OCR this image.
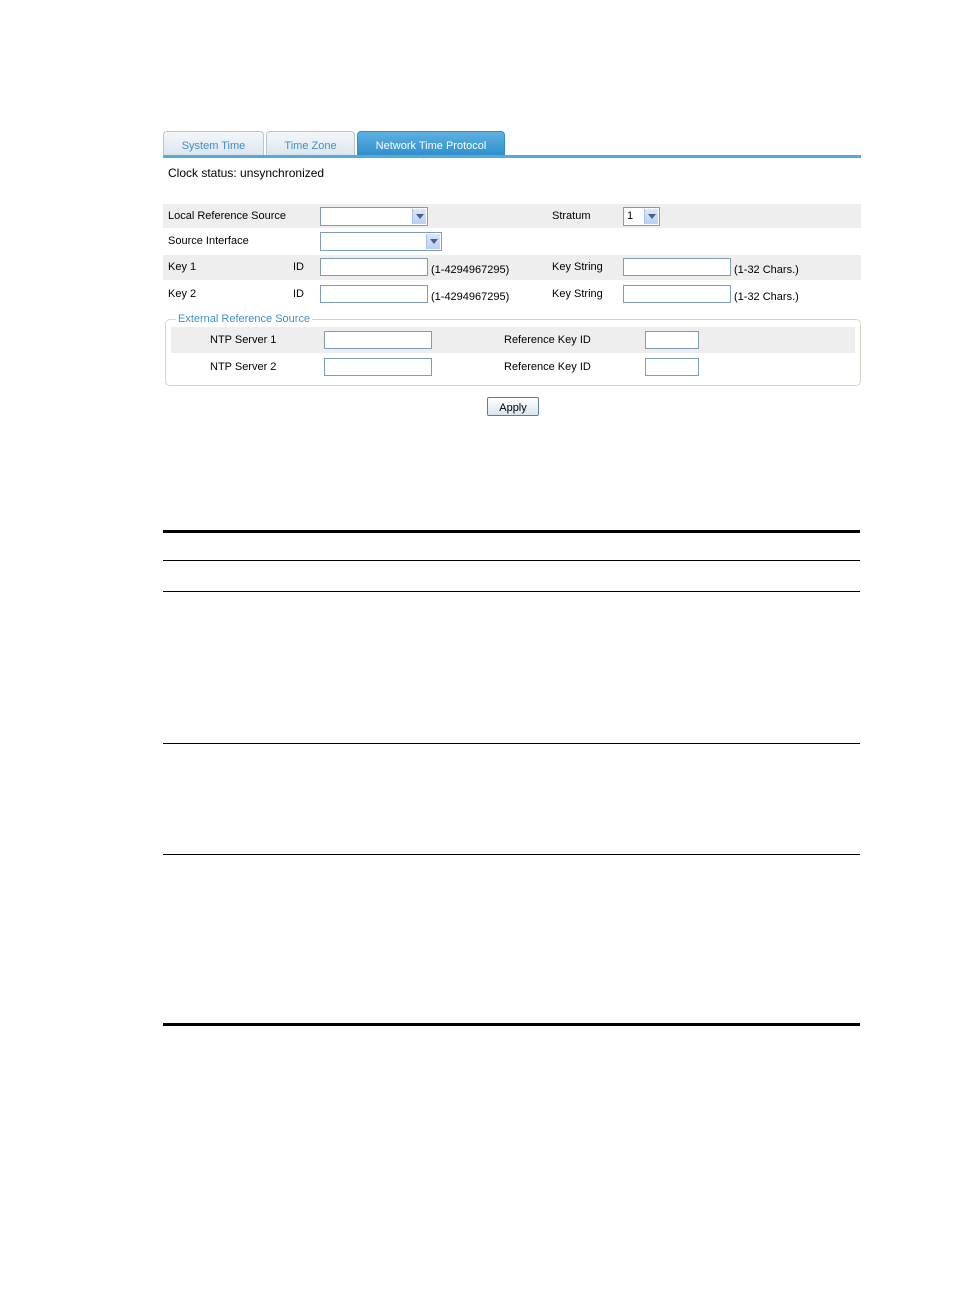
System Time	Time Zone	Network Time Protocol
Clock status: unsynchronized
Local Reference Source	Stratum	1
Source Interface
Key 1	ID	(1-4294967295)	Key String	(1-32 Chars.)
Key 2	ID	(1-4294967295)	Key String	(1-32 Chars.)
External Reference Source
NTP Server 1	Reference Key ID
NTP Server 2	Reference Key ID
Apply
